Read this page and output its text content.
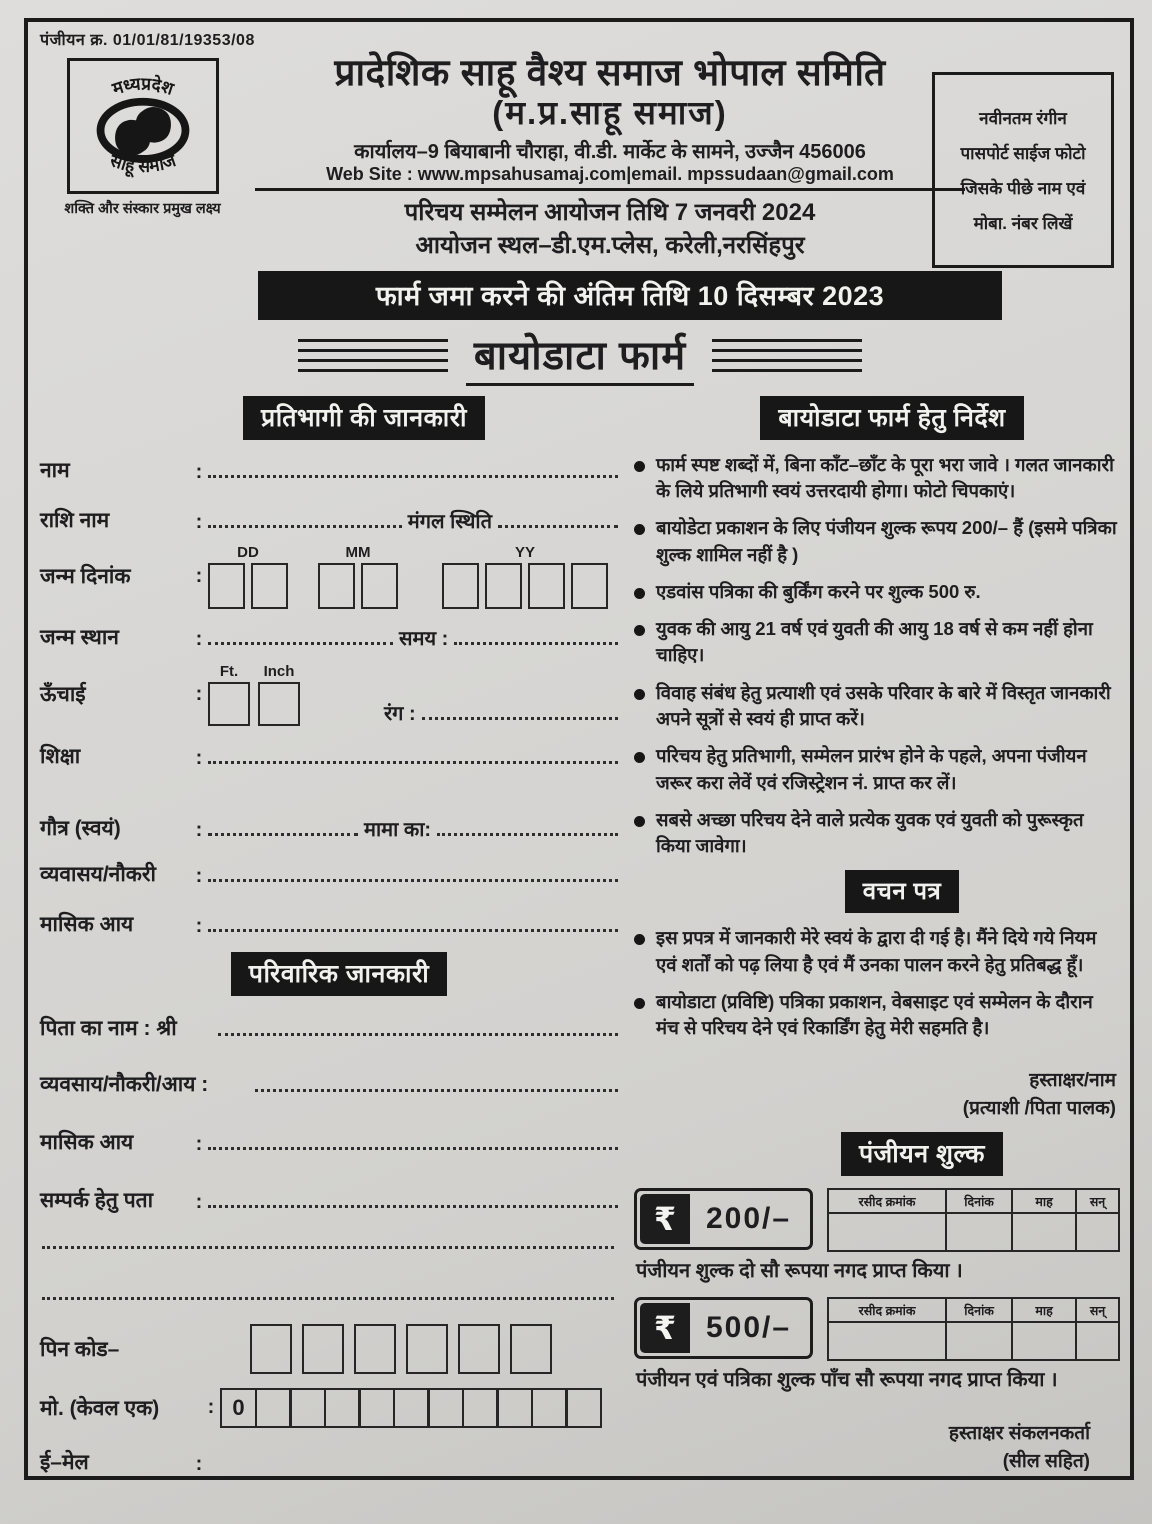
पंजीयन क्र. 01/01/81/19353/08
मध्यप्रदेश
साहू समाज
शक्ति और संस्कार प्रमुख लक्ष्य
प्रादेशिक साहू वैश्य समाज भोपाल समिति
(म.प्र.साहू समाज)
कार्यालय–9 बियाबानी चौराहा, वी.डी. मार्केट के सामने, उज्जैन 456006
Web Site : www.mpsahusamaj.com|email. mpssudaan@gmail.com
परिचय सम्मेलन आयोजन तिथि 7 जनवरी 2024
आयोजन स्थल–डी.एम.प्लेस, करेली,नरसिंहपुर
नवीनतम रंगीन
पासपोर्ट साईज फोटो
जिसके पीछे नाम एवं
मोबा. नंबर लिखें
फार्म जमा करने की अंतिम तिथि 10 दिसम्बर 2023
बायोडाटा फार्म
प्रतिभागी की जानकारी
नाम	:
राशि नाम	:	मंगल स्थिति
जन्म दिनांक	:
DD	MM	YY
जन्म स्थान	:	समय :
ऊँचाई	:
Ft. Inch
रंग :
शिक्षा	:
गौत्र (स्वयं)	:	मामा का:
व्यवासय/नौकरी	:
मासिक आय	:
परिवारिक जानकारी
पिता का नाम : श्री
व्यवसाय/नौकरी/आय :
मासिक आय	:
सम्पर्क हेतु पता	:
पिन कोड–
मो. (केवल एक)	: 0
ई–मेल	:
बायोडाटा फार्म हेतु निर्देश
फार्म स्पष्ट शब्दों में, बिना काँट–छाँट के पूरा भरा जावे । गलत जानकारी के लिये प्रतिभागी स्वयं उत्तरदायी होगा। फोटो चिपकाएं।
बायोडेटा प्रकाशन के लिए पंजीयन शुल्क रूपय 200/– हैं (इसमे पत्रिका शुल्क शामिल नहीं है )
एडवांस पत्रिका की बुर्किंग करने पर शुल्क 500 रु.
युवक की आयु 21 वर्ष एवं युवती की आयु 18 वर्ष से कम नहीं होना चाहिए।
विवाह संबंध हेतु प्रत्याशी एवं उसके परिवार के बारे में विस्तृत जानकारी अपने सूत्रों से स्वयं ही प्राप्त करें।
परिचय हेतु प्रतिभागी, सम्मेलन प्रारंभ होने के पहले, अपना पंजीयन जरूर करा लेवें एवं रजिस्ट्रेशन नं. प्राप्त कर लें।
सबसे अच्छा परिचय देने वाले प्रत्येक युवक एवं युवती को पुरूस्कृत किया जावेगा।
वचन पत्र
इस प्रपत्र में जानकारी मेरे स्वयं के द्वारा दी गई है। मैंने दिये गये नियम एवं शर्तों को पढ़ लिया है एवं मैं उनका पालन करने हेतु प्रतिबद्ध हूँ।
बायोडाटा (प्रविष्टि) पत्रिका प्रकाशन, वेबसाइट एवं सम्मेलन के दौरान मंच से परिचय देने एवं रिकार्डिंग हेतु मेरी सहमति है।
हस्ताक्षर/नाम
(प्रत्याशी /पिता पालक)
पंजीयन शुल्क
₹ 200/–
रसीद क्रमांक	दिनांक	माह	सन्

पंजीयन शुल्क दो सौ रूपया नगद प्राप्त किया ।
₹ 500/–
रसीद क्रमांक	दिनांक	माह	सन्

पंजीयन एवं पत्रिका शुल्क पाँच सौ रूपया नगद प्राप्त किया ।
हस्ताक्षर संकलनकर्ता
(सील सहित)
